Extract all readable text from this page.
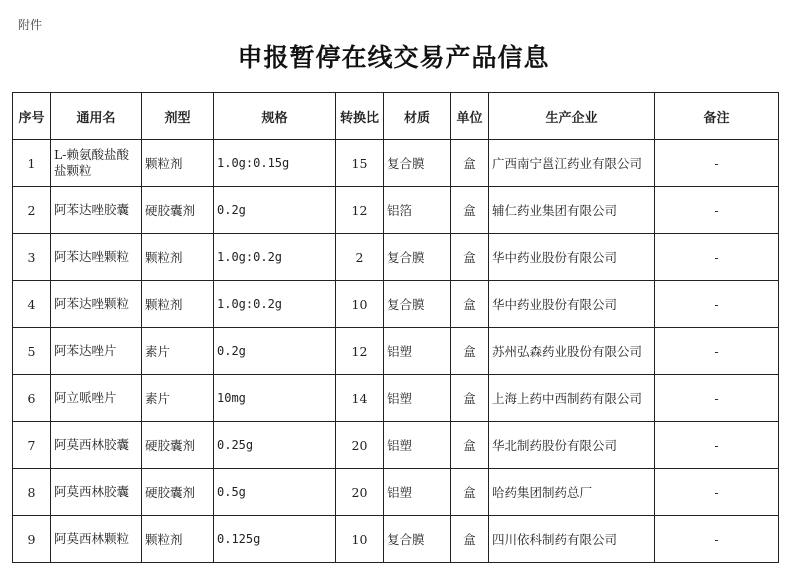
附件
申报暂停在线交易产品信息
序号	通用名	剂型	规格	转换比	材质	单位	生产企业	备注
1	L-赖氨酸盐酸盐颗粒	颗粒剂	1.0g:0.15g	15	复合膜	盒	广西南宁邕江药业有限公司	-
2	阿苯达唑胶囊	硬胶囊剂	0.2g	12	铝箔	盒	辅仁药业集团有限公司	-
3	阿苯达唑颗粒	颗粒剂	1.0g:0.2g	2	复合膜	盒	华中药业股份有限公司	-
4	阿苯达唑颗粒	颗粒剂	1.0g:0.2g	10	复合膜	盒	华中药业股份有限公司	-
5	阿苯达唑片	素片	0.2g	12	铝塑	盒	苏州弘森药业股份有限公司	-
6	阿立哌唑片	素片	10mg	14	铝塑	盒	上海上药中西制药有限公司	-
7	阿莫西林胶囊	硬胶囊剂	0.25g	20	铝塑	盒	华北制药股份有限公司	-
8	阿莫西林胶囊	硬胶囊剂	0.5g	20	铝塑	盒	哈药集团制药总厂	-
9	阿莫西林颗粒	颗粒剂	0.125g	10	复合膜	盒	四川依科制药有限公司	-
